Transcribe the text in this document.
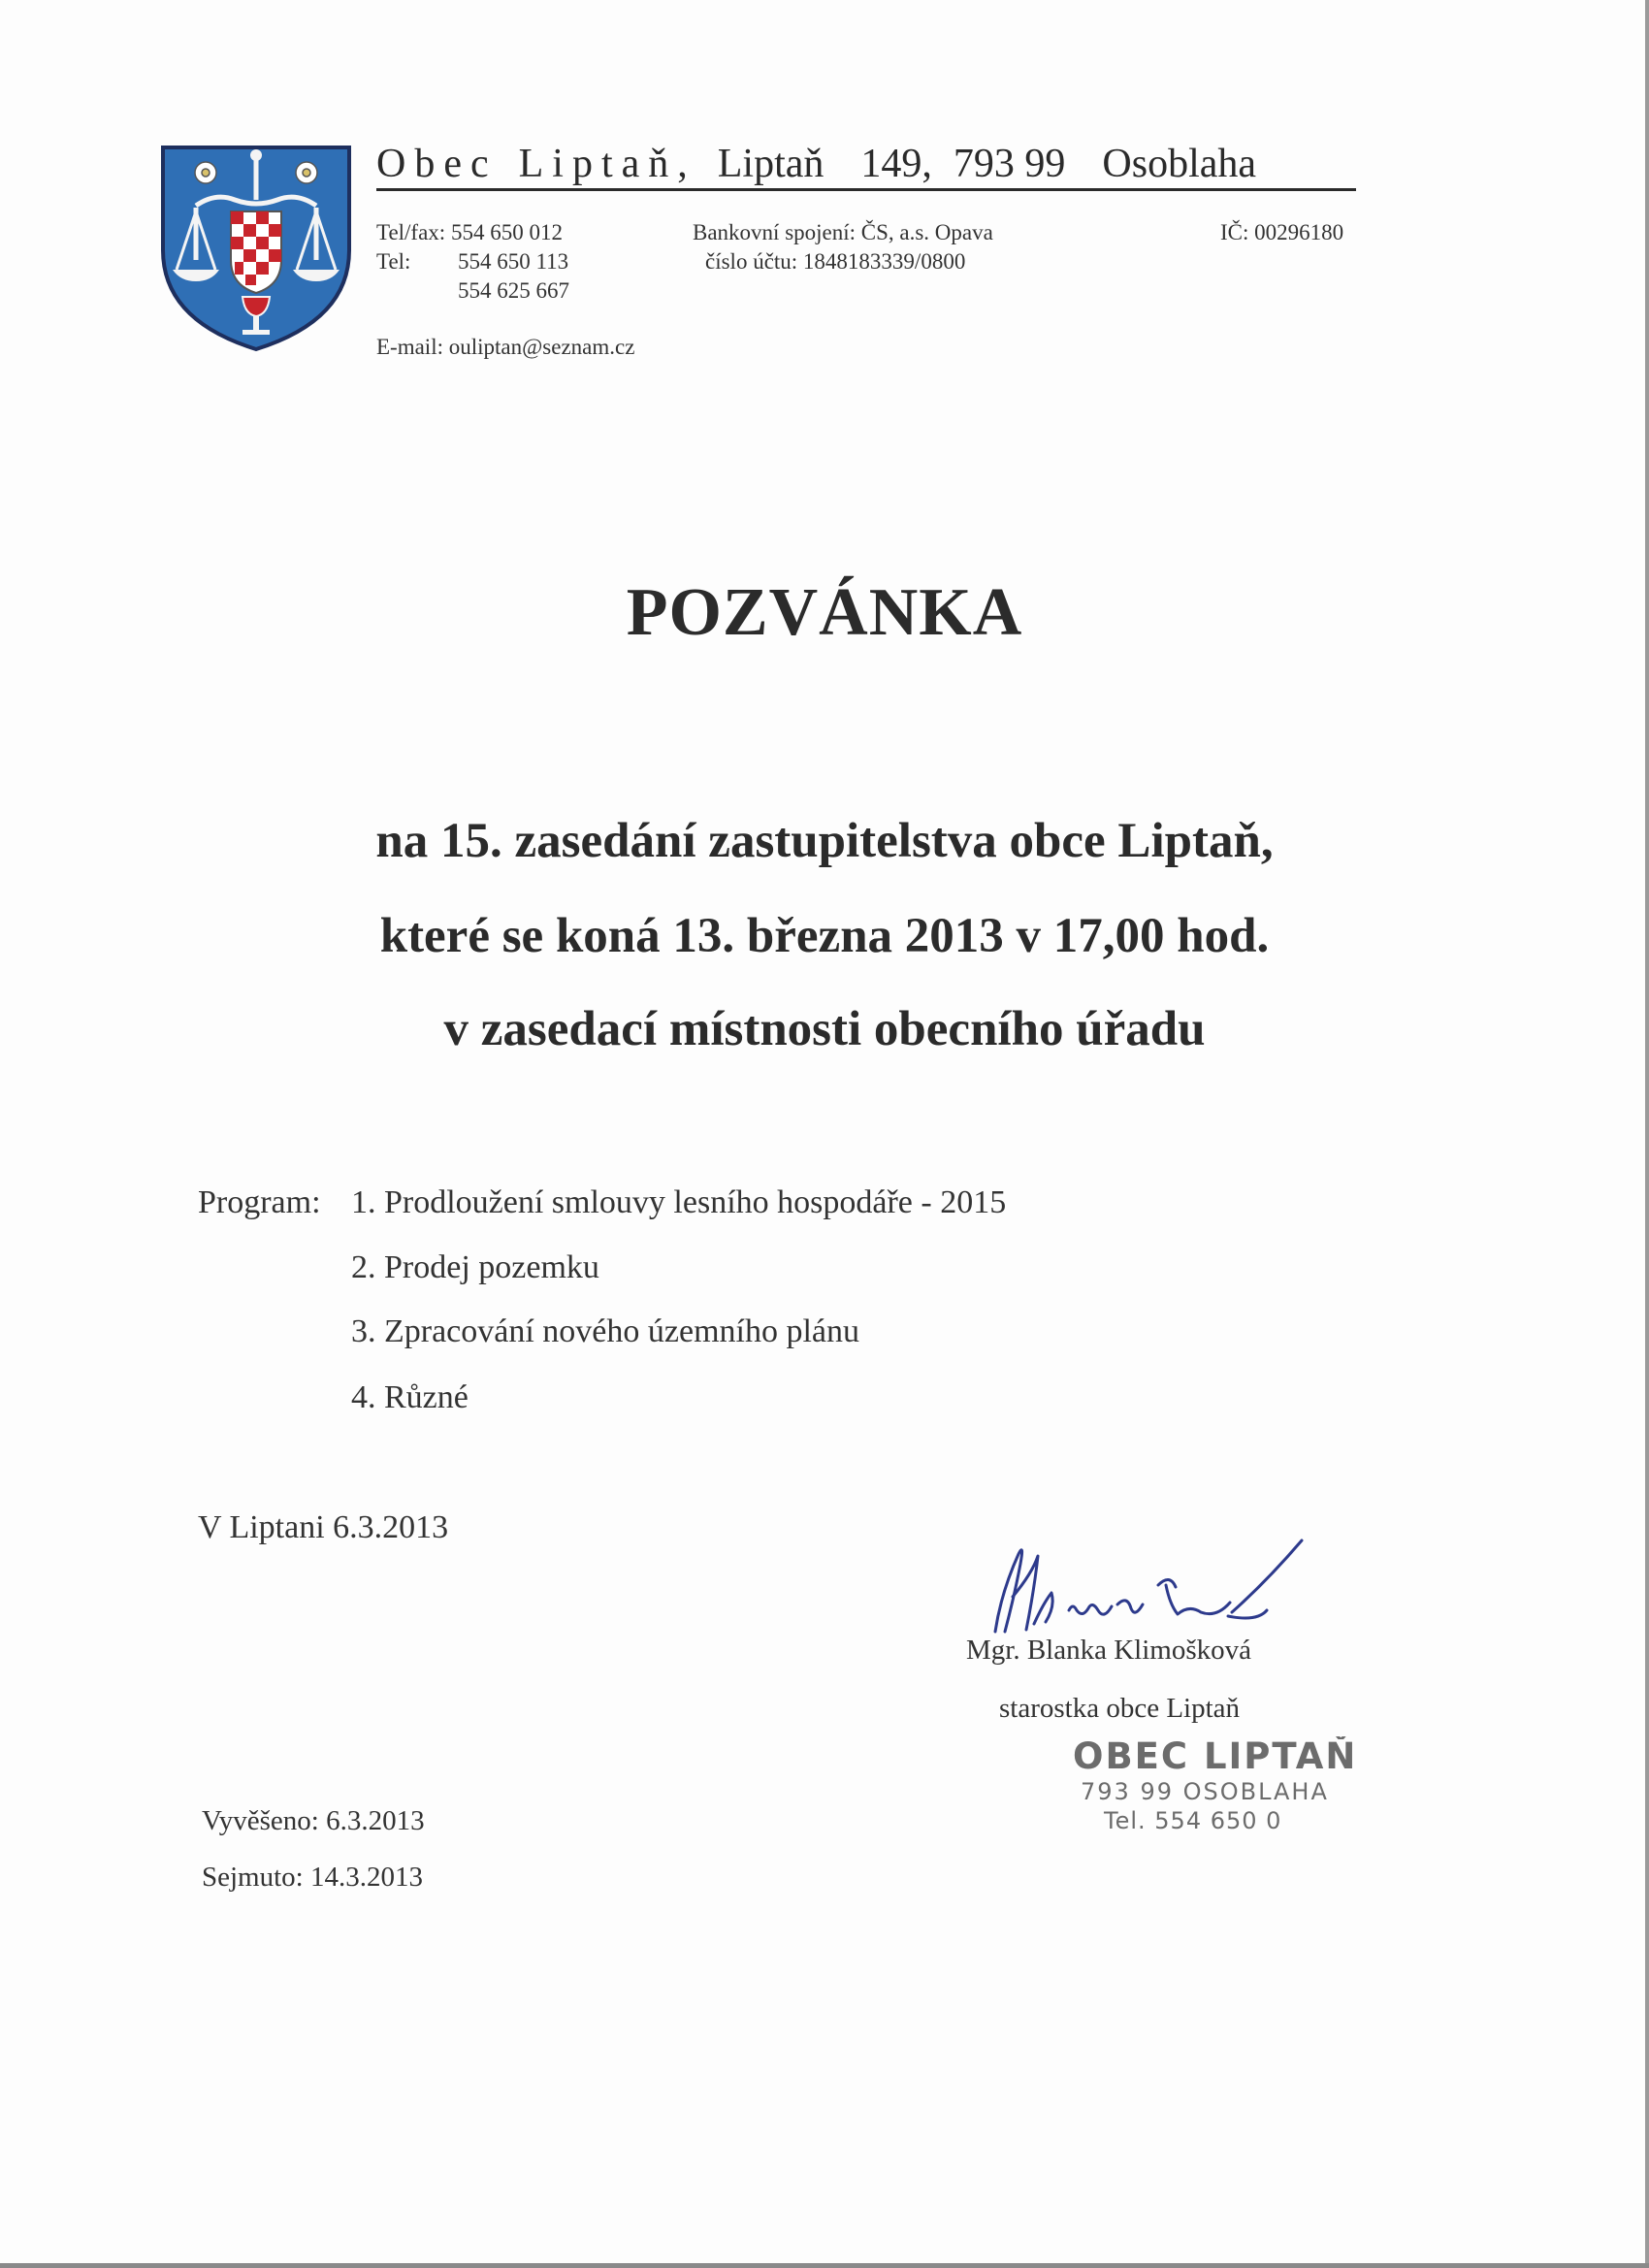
Obec Liptaň, Liptaň 149, 793 99 Osoblaha
Tel/fax: 554 650 012
Tel: 554 650 113
554 625 667
E-mail: ouliptan@seznam.cz
Bankovní spojení: ČS, a.s. Opava
číslo účtu: 1848183339/0800
IČ: 00296180
POZVÁNKA
na 15. zasedání zastupitelstva obce Liptaň,
které se koná 13. března 2013 v 17,00 hod.
v zasedací místnosti obecního úřadu
Program: 1. Prodloužení smlouvy lesního hospodáře - 2015
2. Prodej pozemku
3. Zpracování nového územního plánu
4. Různé
V Liptani 6.3.2013
Mgr. Blanka Klimošková
starostka obce Liptaň
OBEC LIPTAŇ
793 99 OSOBLAHA
Tel. 554 650 0
Vyvěšeno: 6.3.2013
Sejmuto: 14.3.2013
